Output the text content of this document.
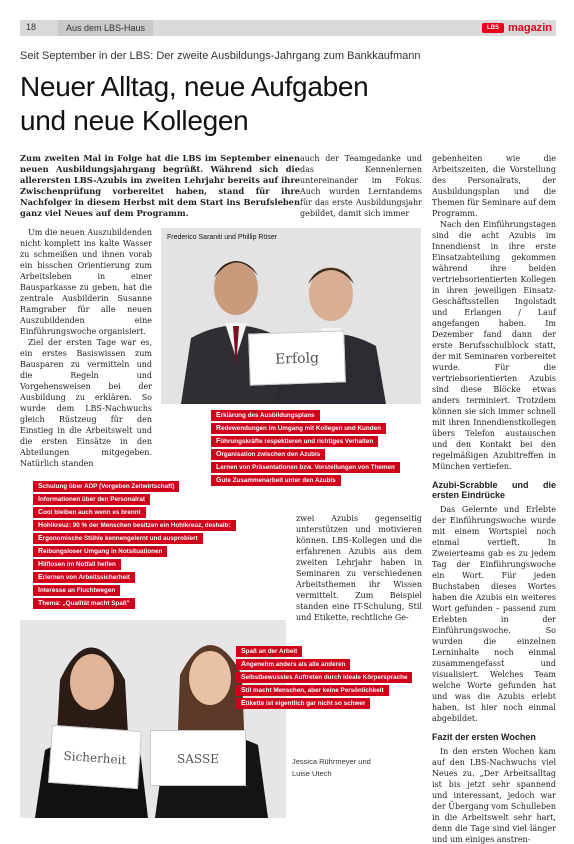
18	Aus dem LBS-Haus	LBS magazin
Seit September in der LBS: Der zweite Ausbildungs-Jahrgang zum Bankkaufmann
Neuer Alltag, neue Aufgaben
und neue Kollegen
Zum zweiten Mal in Folge hat die LBS im September einen neuen Ausbildungsjahrgang begrüßt. Während sich die allerersten LBS-Azubis im zweiten Lehrjahr bereits auf ihre Zwischenprüfung vorbereitet haben, stand für ihre Nachfolger in diesem Herbst mit dem Start ins Berufsleben ganz viel Neues auf dem Programm.

Um die neuen Auszubildenden nicht komplett ins kalte Wasser zu schmeißen und ihnen vorab ein bisschen Orientierung zum Arbeitsleben in einer Bausparkasse zu geben, hat die zentrale Ausbilderin Susanne Ramgraber für alle neuen Auszubildenden eine Einführungswoche organisiert.

Ziel der ersten Tage war es, ein erstes Basiswissen zum Bausparen zu vermitteln und die Regeln und Vorgehensweisen bei der Ausbildung zu erklären. So wurde dem LBS-Nachwuchs gleich Rüstzeug für den Einstieg in die Arbeitswelt und die ersten Einsätze in den Abteilungen mitgegeben. Natürlich standen

auch der Teamgedanke und das Kennenlernen untereinander im Fokus. Auch wurden Lerntandems für das erste Ausbildungsjahr gebildet, damit sich immer

zwei Azubis gegenseitig unterstützen und motivieren können. LBS-Kollegen und die erfahrenen Azubis aus dem zweiten Lehrjahr haben in Seminaren zu verschiedenen Arbeitsthemen ihr Wissen vermittelt. Zum Beispiel standen eine IT-Schulung, Stil und Etikette, rechtliche Ge-

gebenheiten wie die Arbeitszeiten, die Vorstellung des Personalrats, der Ausbildungsplan und die Themen für Seminare auf dem Programm.

Nach den Einführungstagen sind die acht Azubis im Innendienst in ihre erste Einsatzabteilung gekommen während ihre beiden vertriebsorientierten Kollegen in ihren jeweiligen Einsatz-Geschäftsstellen Ingolstadt und Erlangen / Lauf angefangen haben. Im Dezember fand dann der erste Berufsschulblock statt, der mit Seminaren vorbereitet wurde. Für die vertriebsorientierten Azubis sind diese Blöcke etwas anders terminiert. Trotzdem können sie sich immer schnell mit ihren Innendienstkollegen übers Telefon austauschen und den Kontakt bei den regelmäßigen Azubitreffen in München vertiefen.

Azubi-Scrabble und die ersten Eindrücke

Das Gelernte und Erlebte der Einführungswoche wurde mit einem Wortspiel noch einmal vertieft. In Zweierteams gab es zu jedem Tag der Einführungswoche ein Wort. Für jeden Buchstaben dieses Wortes haben die Azubis ein weiteres Wort gefunden – passend zum Erlebten in der Einführungswoche. So wurden die einzelnen Lerninhalte noch einmal zusammengefasst und visualisiert. Welches Team welche Worte gefunden hat und was die Azubis erlebt haben, ist hier noch einmal abgebildet.

Fazit der ersten Wochen

In den ersten Wochen kam auf den LBS-Nachwuchs viel Neues zu. „Der Arbeitsalltag ist bis jetzt sehr spannend und interessant, jedoch war der Übergang vom Schulleben in die Arbeitswelt sehr hart, denn die Tage sind viel länger und um einiges anstren-

Frederico Saraniti und Phillip Röser
Erfolg
Erklärung des Ausbildungsplans
Redewendungen im Umgang mit Kollegen und Kunden
Führungskräfte respektieren und richtiges Verhalten
Organisation zwischen den Azubis
Lernen von Präsentationen bzw. Vorstellungen von Themen
Gute Zusammenarbeit unter den Azubis
Schulung über ADP (Vorgeben Zeitwirtschaft)
Informationen über den Personalrat
Cool bleiben auch wenn es brennt
Hohlkreuz: 90 % der Menschen besitzen ein Hohlkreuz, deshalb:
Ergonomische Stühle kennengelernt und ausprobiert
Reibungsloser Umgang in Notsituationen
Hilflosen im Notfall helfen
Erlernen von Arbeitssicherheit
Interesse an Fluchtwegen
Thema: „Qualität macht Spaß"
Sicherheit	SASSE
Spaß an der Arbeit
Angenehm anders als alle anderen
Selbstbewusstes Auftreten durch ideale Körpersprache
Stil macht Menschen, aber keine Persönlichkeit
Etikette ist eigentlich gar nicht so schwer
Jessica Rührmeyer und
Luise Utech
